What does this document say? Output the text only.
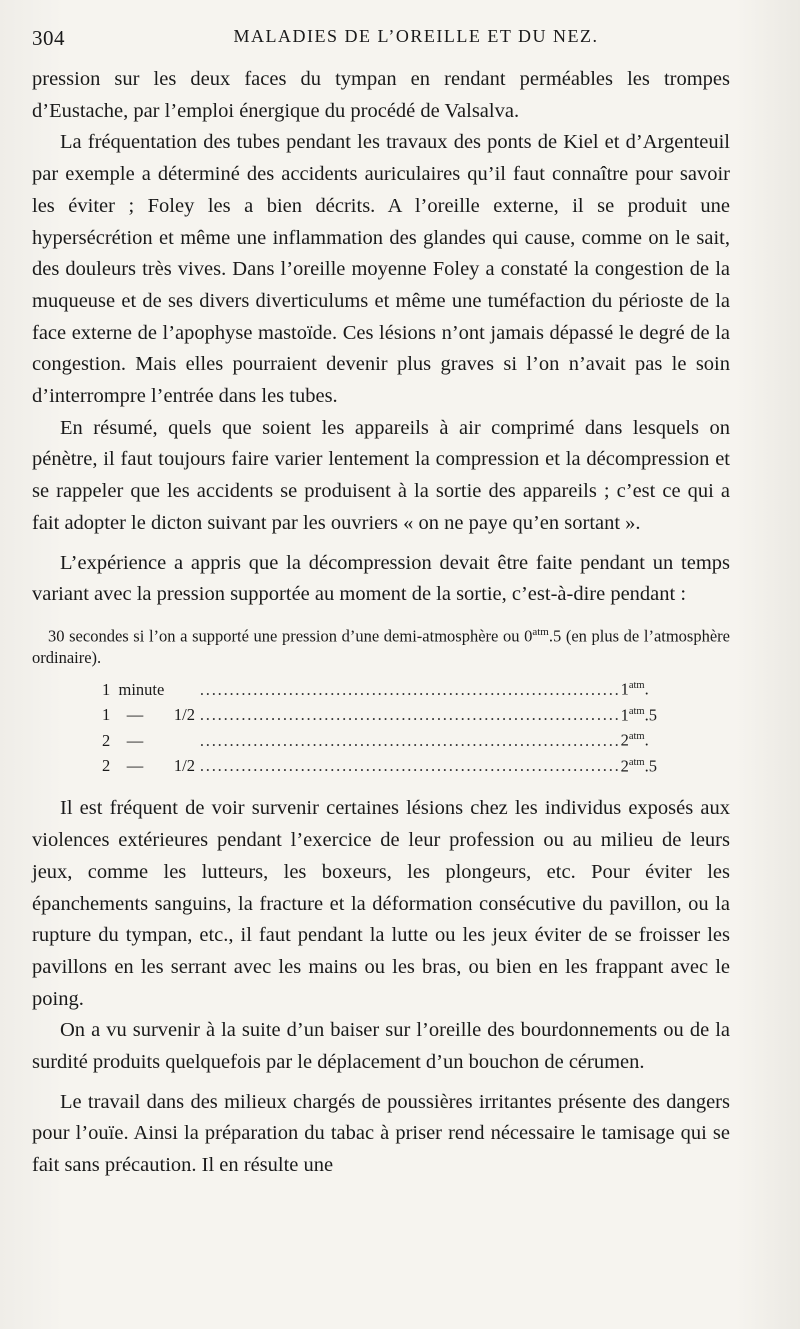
304	MALADIES DE L’OREILLE ET DU NEZ.

pression sur les deux faces du tympan en rendant perméables les trompes d’Eustache, par l’emploi énergique du procédé de Valsalva.

La fréquentation des tubes pendant les travaux des ponts de Kiel et d’Argenteuil par exemple a déterminé des accidents auriculaires qu’il faut connaître pour savoir les éviter ; Foley les a bien décrits. A l’oreille externe, il se produit une hypersécrétion et même une inflammation des glandes qui cause, comme on le sait, des douleurs très vives. Dans l’oreille moyenne Foley a constaté la congestion de la muqueuse et de ses divers diverticulums et même une tuméfaction du périoste de la face externe de l’apophyse mastoïde. Ces lésions n’ont jamais dépassé le degré de la congestion. Mais elles pourraient devenir plus graves si l’on n’avait pas le soin d’interrompre l’entrée dans les tubes.

En résumé, quels que soient les appareils à air comprimé dans lesquels on pénètre, il faut toujours faire varier lentement la compression et la décompression et se rappeler que les accidents se produisent à la sortie des appareils ; c’est ce qui a fait adopter le dicton suivant par les ouvriers « on ne paye qu’en sortant ».

L’expérience a appris que la décompression devait être faite pendant un temps variant avec la pression supportée au moment de la sortie, c’est-à-dire pendant :

30 secondes si l’on a supporté une pression d’une demi-atmosphère ou $0^{atm}.5$ (en plus de l’atmosphère ordinaire).
1 minute		.......................................................................	$1^{atm}$.
1 —	1/2	.......................................................................	$1^{atm}.5$
2 —		.......................................................................	$2^{atm}$.
2 —	1/2	.......................................................................	$2^{atm}.5$

Il est fréquent de voir survenir certaines lésions chez les individus exposés aux violences extérieures pendant l’exercice de leur profession ou au milieu de leurs jeux, comme les lutteurs, les boxeurs, les plongeurs, etc. Pour éviter les épanchements sanguins, la fracture et la déformation consécutive du pavillon, ou la rupture du tympan, etc., il faut pendant la lutte ou les jeux éviter de se froisser les pavillons en les serrant avec les mains ou les bras, ou bien en les frappant avec le poing.

On a vu survenir à la suite d’un baiser sur l’oreille des bourdonnements ou de la surdité produits quelquefois par le déplacement d’un bouchon de cérumen.

Le travail dans des milieux chargés de poussières irritantes présente des dangers pour l’ouïe. Ainsi la préparation du tabac à priser rend nécessaire le tamisage qui se fait sans précaution. Il en résulte une
